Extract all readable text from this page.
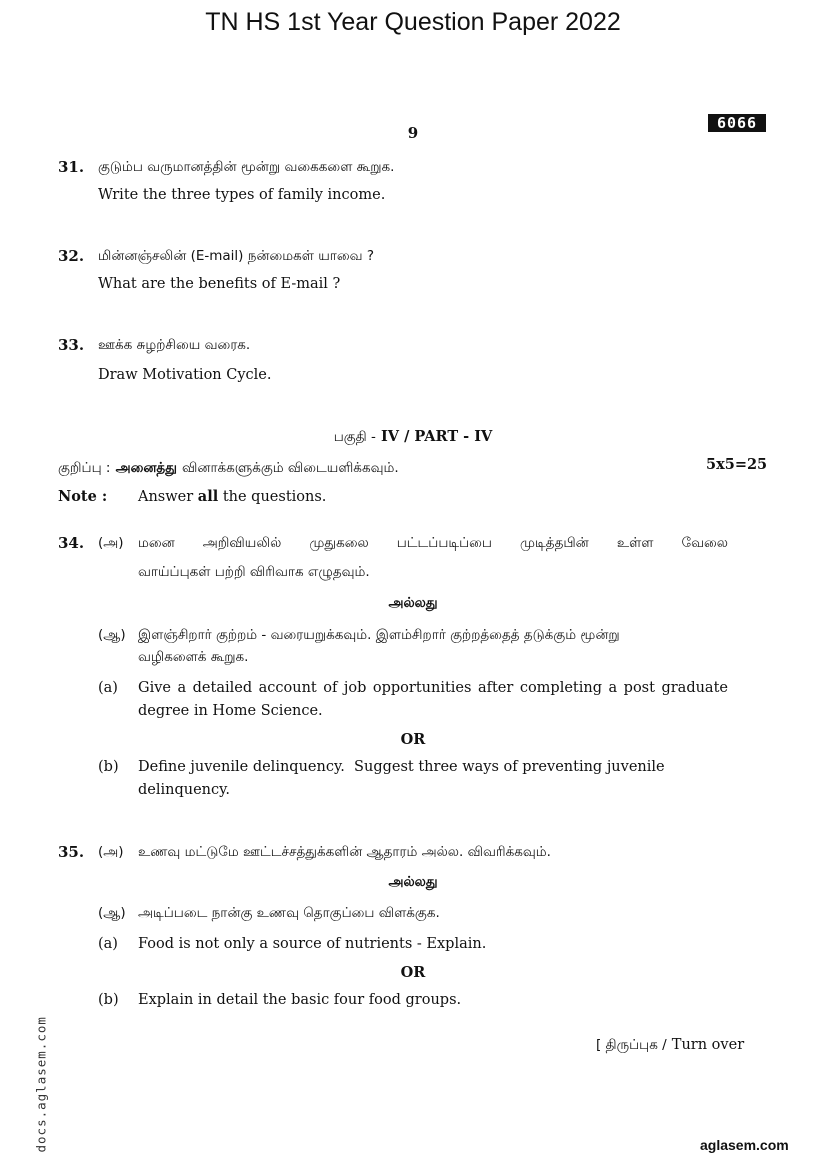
TN HS 1st Year Question Paper 2022
9
6066
31. குடும்ப வருமானத்தின் மூன்று வகைகளை கூறுக.
Write the three types of family income.
32. மின்னஞ்சலின் (E-mail) நன்மைகள் யாவை ?
What are the benefits of E-mail ?
33. ஊக்க சுழற்சியை வரைக.
Draw Motivation Cycle.
பகுதி - IV / PART - IV
குறிப்பு : அனைத்து வினாக்களுக்கும் விடையளிக்கவும்.	5x5=25
Note : Answer all the questions.
34. (அ) மனை அறிவியலில் முதுகலை பட்டப்படிப்பை முடித்தபின் உள்ள வேலை
வாய்ப்புகள் பற்றி விரிவாக எழுதவும்.
அல்லது
(ஆ) இளஞ்சிறார் குற்றம் - வரையறுக்கவும். இளம்சிறார் குற்றத்தைத் தடுக்கும் மூன்று
வழிகளைக் கூறுக.
(a) Give a detailed account of job opportunities after completing a post graduate
degree in Home Science.
OR
(b) Define juvenile delinquency.  Suggest three ways of preventing juvenile
delinquency.
35. (அ) உணவு மட்டுமே ஊட்டச்சத்துக்களின் ஆதாரம் அல்ல. விவரிக்கவும்.
அல்லது
(ஆ) அடிப்படை நான்கு உணவு தொகுப்பை விளக்குக.
(a) Food is not only a source of nutrients - Explain.
OR
(b) Explain in detail the basic four food groups.
[ திருப்புக / Turn over
docs.aglasem.com	aglasem.com
